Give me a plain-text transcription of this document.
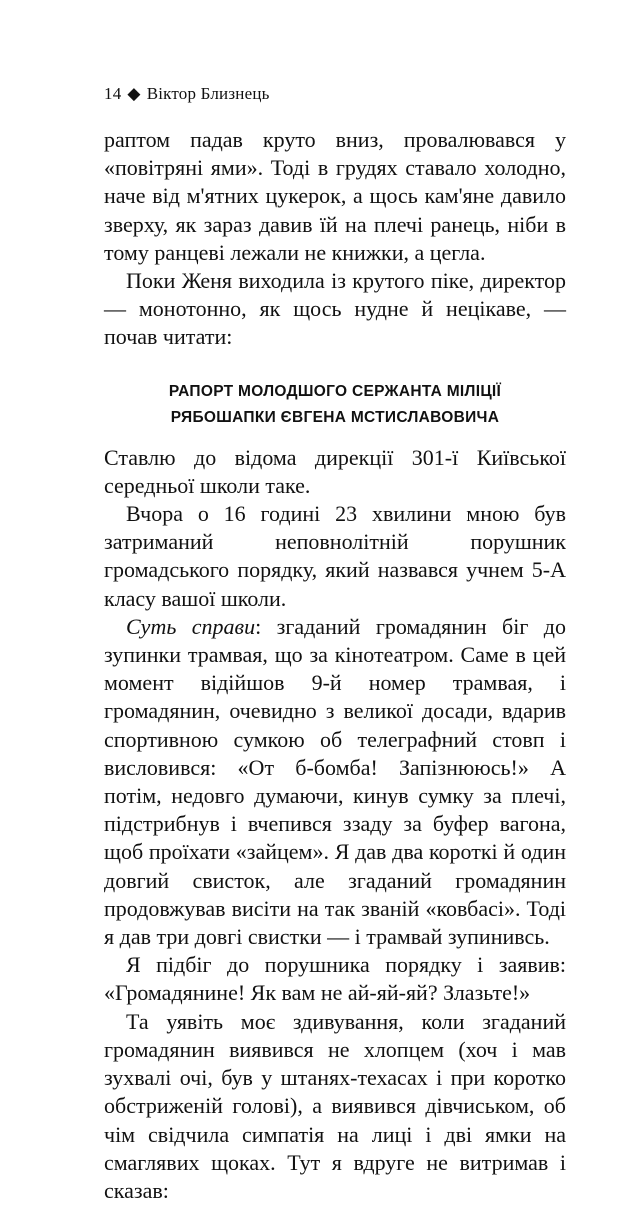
14 ◆ Віктор Близнець

раптом падав круто вниз, провалювався у «повітряні ями». Тоді в грудях ставало холодно, наче від м'ятних цукерок, а щось кам'яне давило зверху, як зараз давив їй на плечі ранець, ніби в тому ранцеві лежали не книжки, а цегла.

Поки Женя виходила із крутого піке, директор — монотонно, як щось нудне й нецікаве, — почав читати:

РАПОРТ МОЛОДШОГО СЕРЖАНТА МІЛІЦІЇ

РЯБОШАПКИ ЄВГЕНА МСТИСЛАВОВИЧА

Ставлю до відома дирекції 301-ї Київської середньої школи таке.

Вчора о 16 годині 23 хвилини мною був затриманий неповнолітній порушник громадського порядку, який назвався учнем 5-А класу вашої школи.

Суть справи: згаданий громадянин біг до зупинки трамвая, що за кінотеатром. Саме в цей момент відійшов 9-й номер трамвая, і громадянин, очевидно з великої досади, вдарив спортивною сумкою об телеграфний стовп і висловився: «От б-бомба! Запізнююсь!» А потім, недовго думаючи, кинув сумку за плечі, підстрибнув і вчепився ззаду за буфер вагона, щоб проїхати «зайцем». Я дав два короткі й один довгий свисток, але згаданий громадянин продовжував висіти на так званій «ковбасі». Тоді я дав три довгі свистки — і трамвай зупинивсь.

Я підбіг до порушника порядку і заявив: «Громадянине! Як вам не ай-яй-яй? Злазьте!»

Та уявіть моє здивування, коли згаданий громадянин виявився не хлопцем (хоч і мав зухвалі очі, був у штанях-техасах і при коротко обстриженій голові), а виявився дівчиськом, об чім свідчила симпатія на лиці і дві ямки на смаглявих щоках. Тут я вдруге не витримав і сказав:
